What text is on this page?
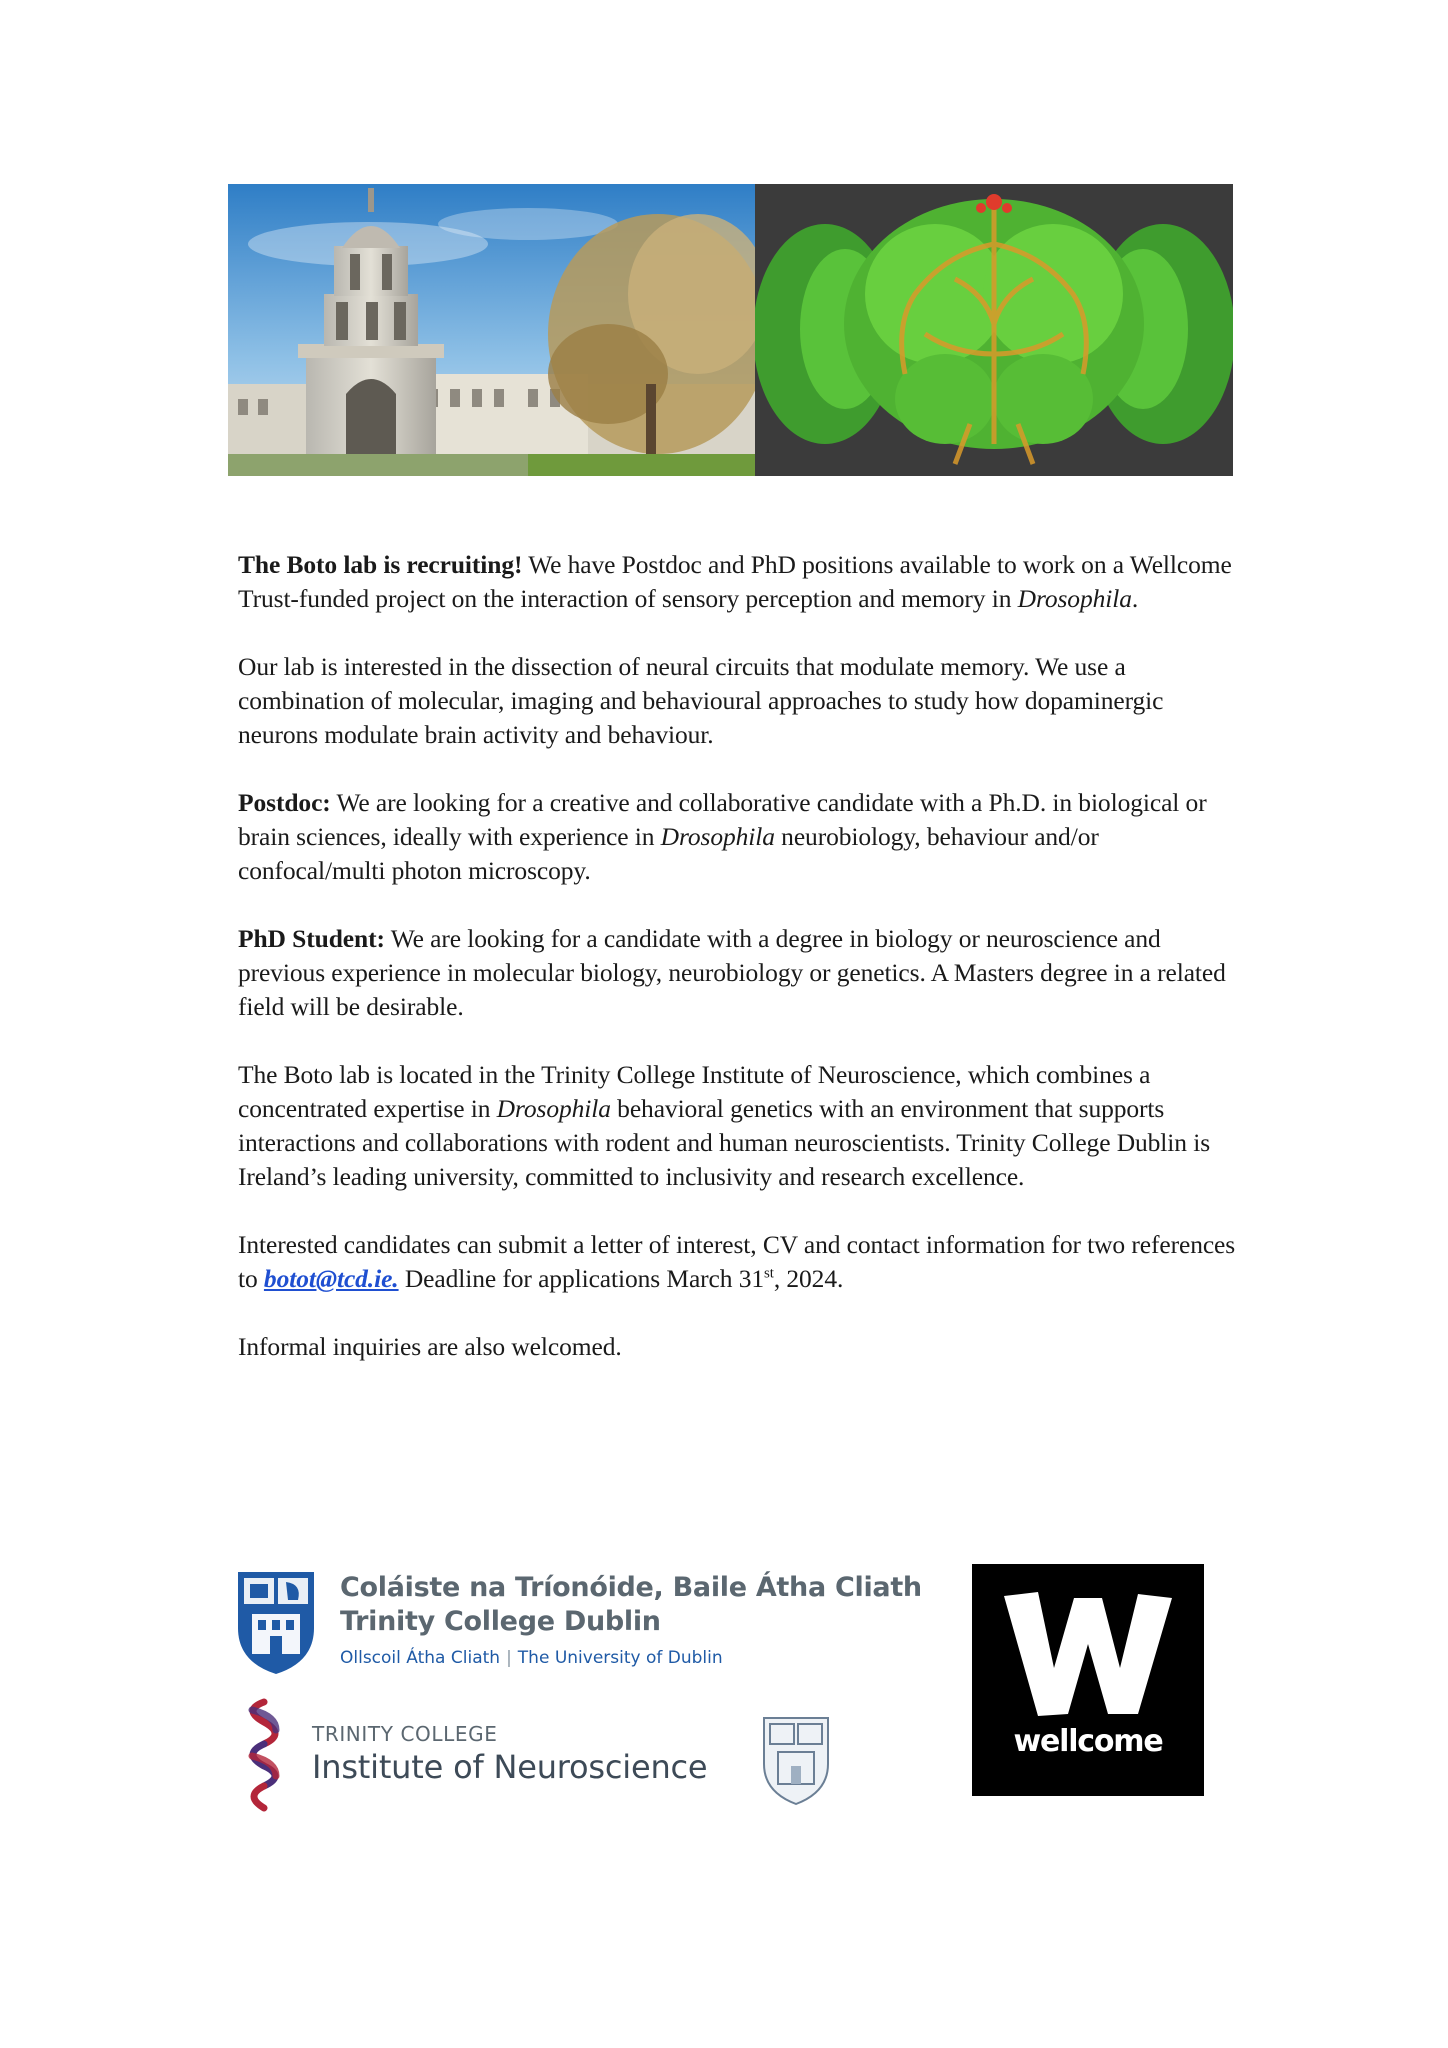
The Boto lab is recruiting! We have Postdoc and PhD positions available to work on a Wellcome Trust-funded project on the interaction of sensory perception and memory in Drosophila.

Our lab is interested in the dissection of neural circuits that modulate memory. We use a combination of molecular, imaging and behavioural approaches to study how dopaminergic neurons modulate brain activity and behaviour.

Postdoc: We are looking for a creative and collaborative candidate with a Ph.D. in biological or brain sciences, ideally with experience in Drosophila neurobiology, behaviour and/or confocal/multi photon microscopy.

PhD Student: We are looking for a candidate with a degree in biology or neuroscience and previous experience in molecular biology, neurobiology or genetics. A Masters degree in a related field will be desirable.

The Boto lab is located in the Trinity College Institute of Neuroscience, which combines a concentrated expertise in Drosophila behavioral genetics with an environment that supports interactions and collaborations with rodent and human neuroscientists. Trinity College Dublin is Ireland’s leading university, committed to inclusivity and research excellence.

Interested candidates can submit a letter of interest, CV and contact information for two references to botot@tcd.ie. Deadline for applications March 31st, 2024.

Informal inquiries are also welcomed.

Coláiste na Tríonóide, Baile Átha Cliath
Trinity College Dublin
Ollscoil Átha Cliath | The University of Dublin
TRINITY COLLEGE
Institute of Neuroscience
wellcome
